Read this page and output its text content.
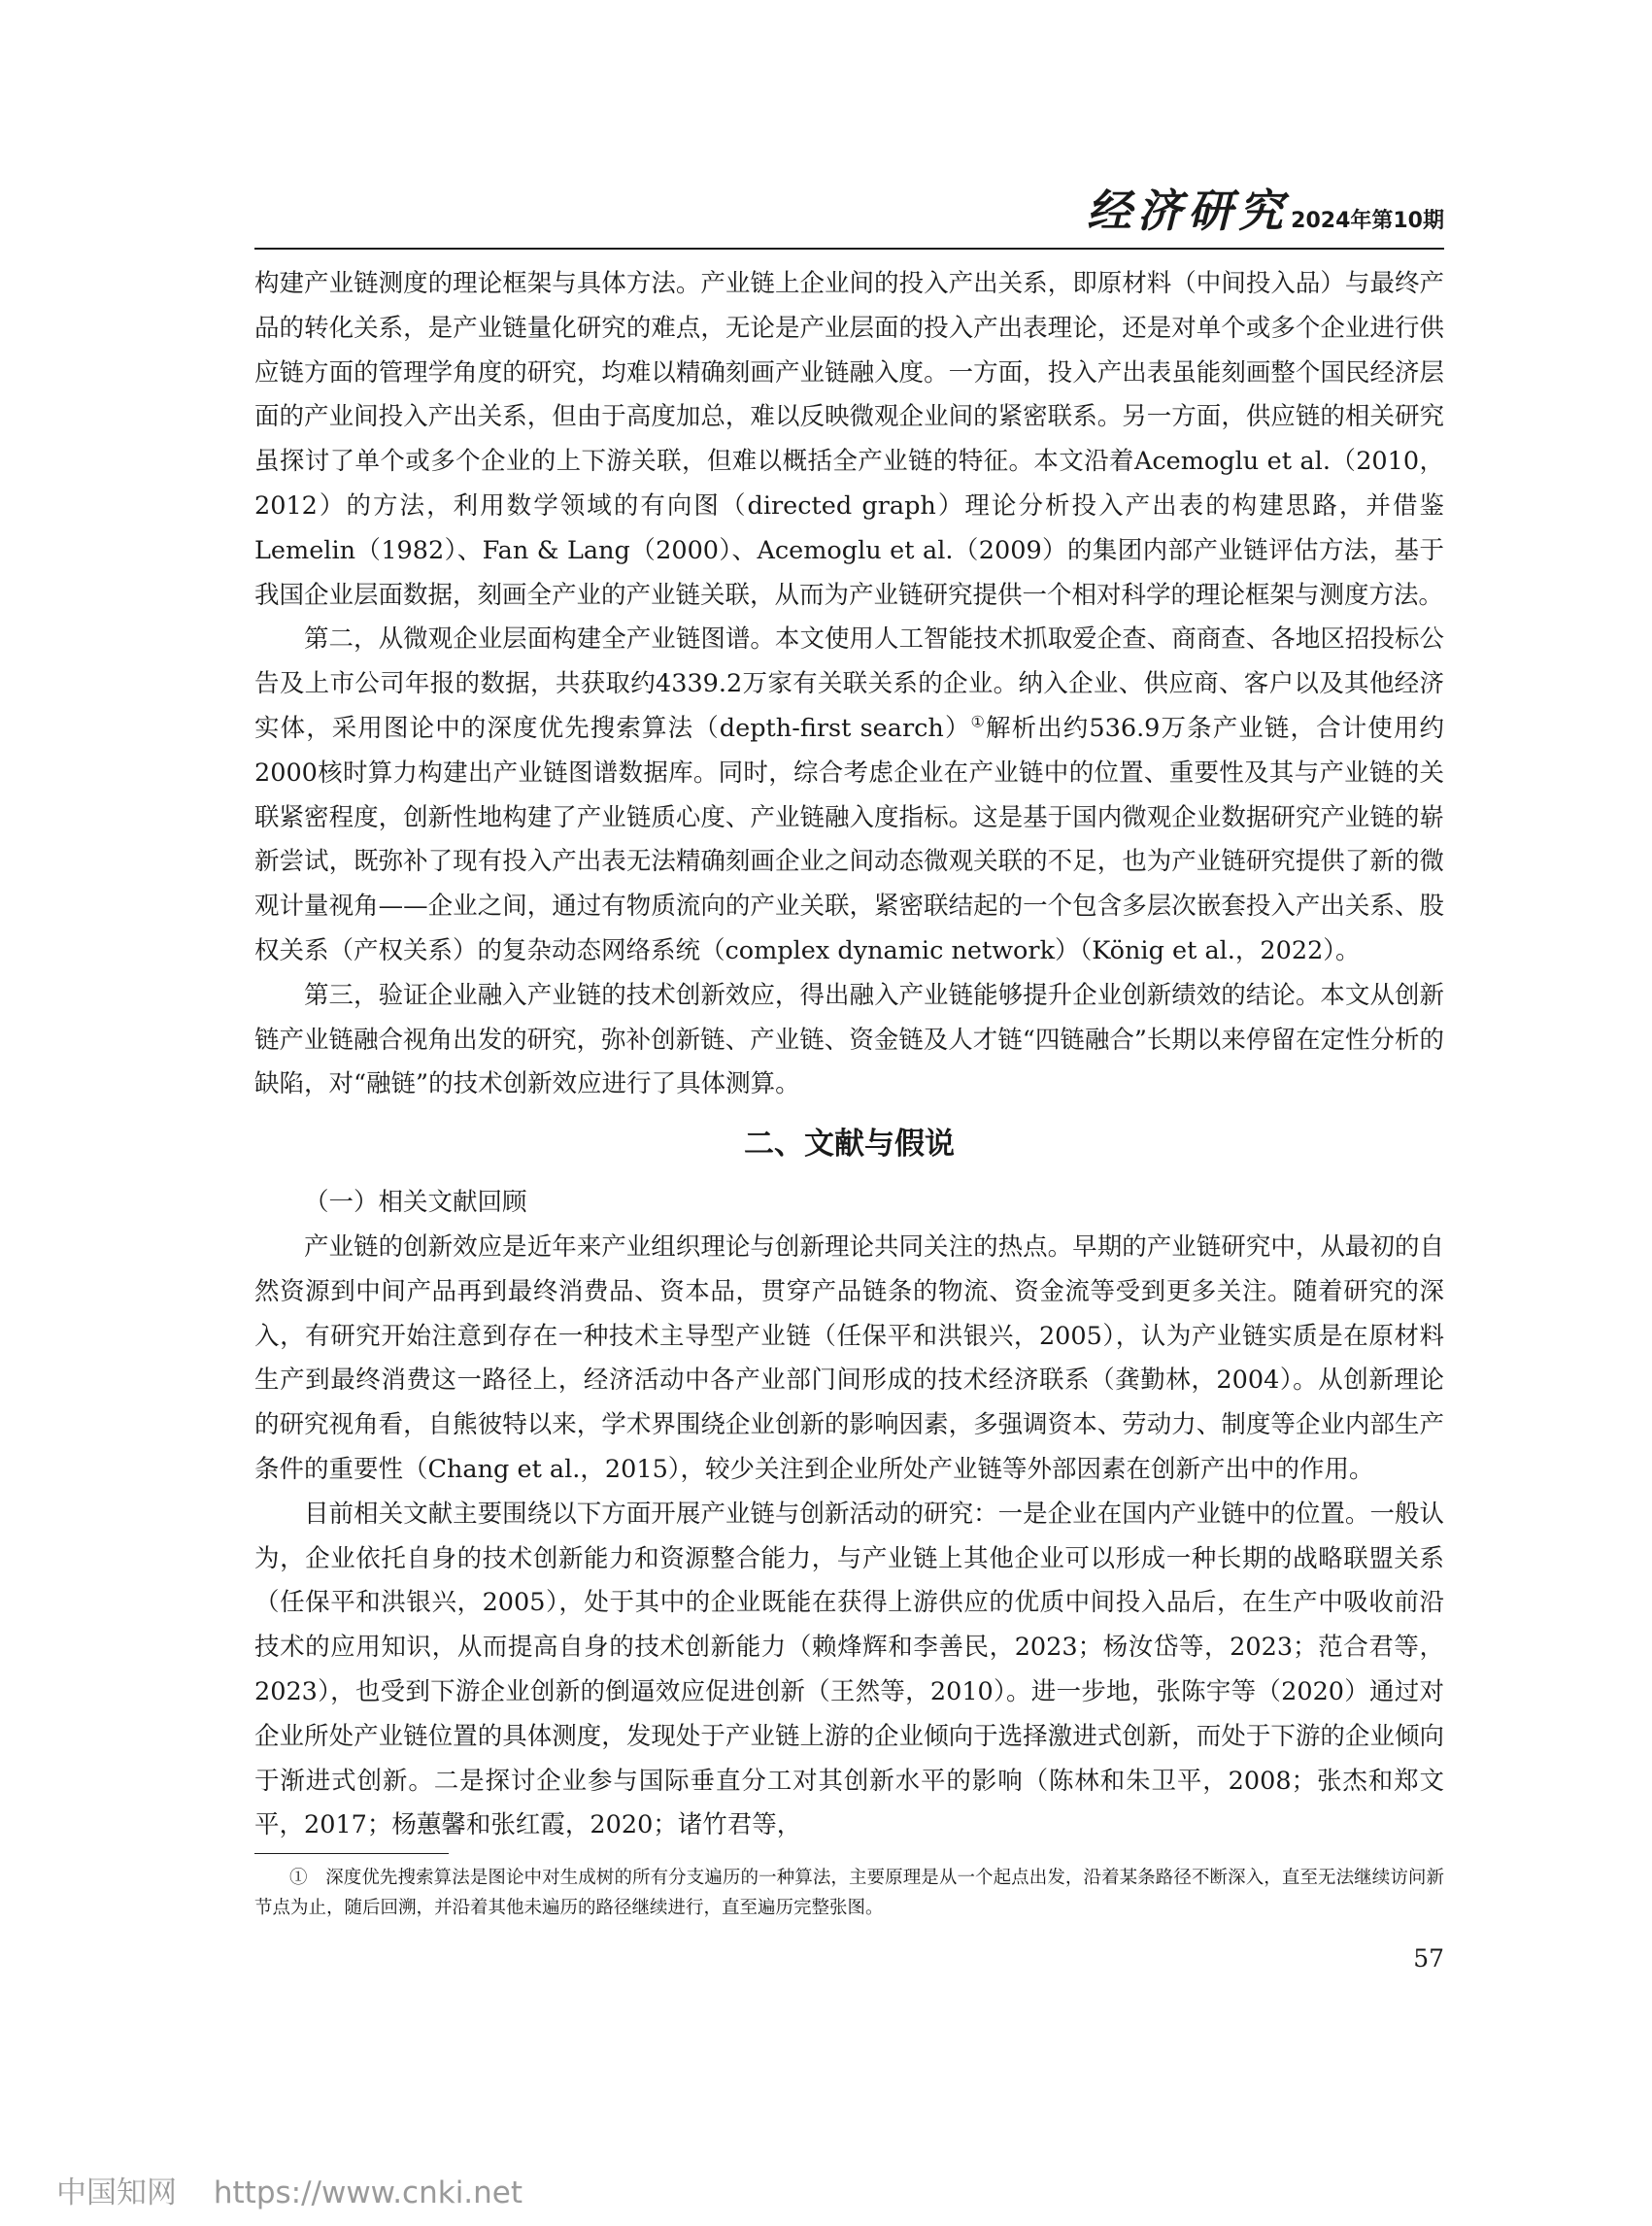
经济研究 2024年第10期

构建产业链测度的理论框架与具体方法。产业链上企业间的投入产出关系，即原材料（中间投入品）与最终产品的转化关系，是产业链量化研究的难点，无论是产业层面的投入产出表理论，还是对单个或多个企业进行供应链方面的管理学角度的研究，均难以精确刻画产业链融入度。一方面，投入产出表虽能刻画整个国民经济层面的产业间投入产出关系，但由于高度加总，难以反映微观企业间的紧密联系。另一方面，供应链的相关研究虽探讨了单个或多个企业的上下游关联，但难以概括全产业链的特征。本文沿着Acemoglu et al.（2010，2012）的方法，利用数学领域的有向图（directed graph）理论分析投入产出表的构建思路，并借鉴Lemelin（1982）、Fan & Lang（2000）、Acemoglu et al.（2009）的集团内部产业链评估方法，基于我国企业层面数据，刻画全产业的产业链关联，从而为产业链研究提供一个相对科学的理论框架与测度方法。

第二，从微观企业层面构建全产业链图谱。本文使用人工智能技术抓取爱企查、商商查、各地区招投标公告及上市公司年报的数据，共获取约4339.2万家有关联关系的企业。纳入企业、供应商、客户以及其他经济实体，采用图论中的深度优先搜索算法（depth-first search）①解析出约536.9万条产业链，合计使用约2000核时算力构建出产业链图谱数据库。同时，综合考虑企业在产业链中的位置、重要性及其与产业链的关联紧密程度，创新性地构建了产业链质心度、产业链融入度指标。这是基于国内微观企业数据研究产业链的崭新尝试，既弥补了现有投入产出表无法精确刻画企业之间动态微观关联的不足，也为产业链研究提供了新的微观计量视角——企业之间，通过有物质流向的产业关联，紧密联结起的一个包含多层次嵌套投入产出关系、股权关系（产权关系）的复杂动态网络系统（complex dynamic network）（König et al.，2022）。

第三，验证企业融入产业链的技术创新效应，得出融入产业链能够提升企业创新绩效的结论。本文从创新链产业链融合视角出发的研究，弥补创新链、产业链、资金链及人才链“四链融合”长期以来停留在定性分析的缺陷，对“融链”的技术创新效应进行了具体测算。

二、文献与假说

（一）相关文献回顾

产业链的创新效应是近年来产业组织理论与创新理论共同关注的热点。早期的产业链研究中，从最初的自然资源到中间产品再到最终消费品、资本品，贯穿产品链条的物流、资金流等受到更多关注。随着研究的深入，有研究开始注意到存在一种技术主导型产业链（任保平和洪银兴，2005），认为产业链实质是在原材料生产到最终消费这一路径上，经济活动中各产业部门间形成的技术经济联系（龚勤林，2004）。从创新理论的研究视角看，自熊彼特以来，学术界围绕企业创新的影响因素，多强调资本、劳动力、制度等企业内部生产条件的重要性（Chang et al.，2015），较少关注到企业所处产业链等外部因素在创新产出中的作用。

目前相关文献主要围绕以下方面开展产业链与创新活动的研究：一是企业在国内产业链中的位置。一般认为，企业依托自身的技术创新能力和资源整合能力，与产业链上其他企业可以形成一种长期的战略联盟关系（任保平和洪银兴，2005），处于其中的企业既能在获得上游供应的优质中间投入品后，在生产中吸收前沿技术的应用知识，从而提高自身的技术创新能力（赖烽辉和李善民，2023；杨汝岱等，2023；范合君等，2023），也受到下游企业创新的倒逼效应促进创新（王然等，2010）。进一步地，张陈宇等（2020）通过对企业所处产业链位置的具体测度，发现处于产业链上游的企业倾向于选择激进式创新，而处于下游的企业倾向于渐进式创新。二是探讨企业参与国际垂直分工对其创新水平的影响（陈林和朱卫平，2008；张杰和郑文平，2017；杨蕙馨和张红霞，2020；诸竹君等，

①　 深度优先搜索算法是图论中对生成树的所有分支遍历的一种算法，主要原理是从一个起点出发，沿着某条路径不断深入，直至无法继续访问新节点为止，随后回溯，并沿着其他未遍历的路径继续进行，直至遍历完整张图。
57
中国知网 https://www.cnki.net
